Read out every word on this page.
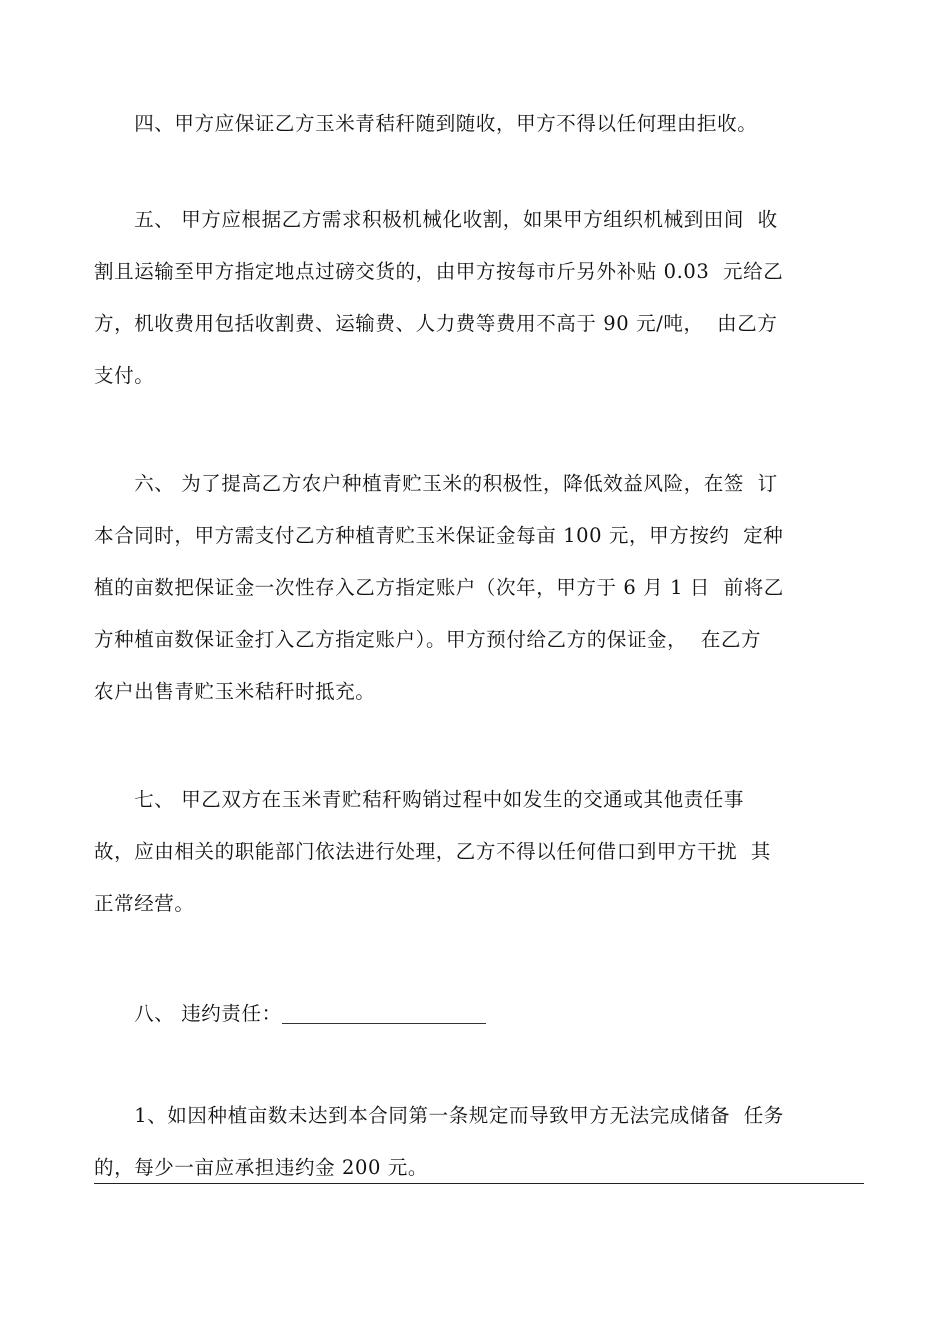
　　四、甲方应保证乙方玉米青秸秆随到随收，甲方不得以任何理由拒收。

　　五、 甲方应根据乙方需求积极机械化收割，如果甲方组织机械到田间  收
割且运输至甲方指定地点过磅交货的，由甲方按每市斤另外补贴 0.03  元给乙
方，机收费用包括收割费、运输费、人力费等费用不高于 90 元/吨，  由乙方
支付。

　　六、 为了提高乙方农户种植青贮玉米的积极性，降低效益风险，在签  订
本合同时，甲方需支付乙方种植青贮玉米保证金每亩 100 元，甲方按约  定种
植的亩数把保证金一次性存入乙方指定账户（次年，甲方于 6 月 1 日  前将乙
方种植亩数保证金打入乙方指定账户）。甲方预付给乙方的保证金，  在乙方
农户出售青贮玉米秸秆时抵充。

　　七、 甲乙双方在玉米青贮秸秆购销过程中如发生的交通或其他责任事
故，应由相关的职能部门依法进行处理，乙方不得以任何借口到甲方干扰  其
正常经营。

　　八、 违约责任：

　　1、如因种植亩数未达到本合同第一条规定而导致甲方无法完成储备  任务
的，每少一亩应承担违约金 200 元。
